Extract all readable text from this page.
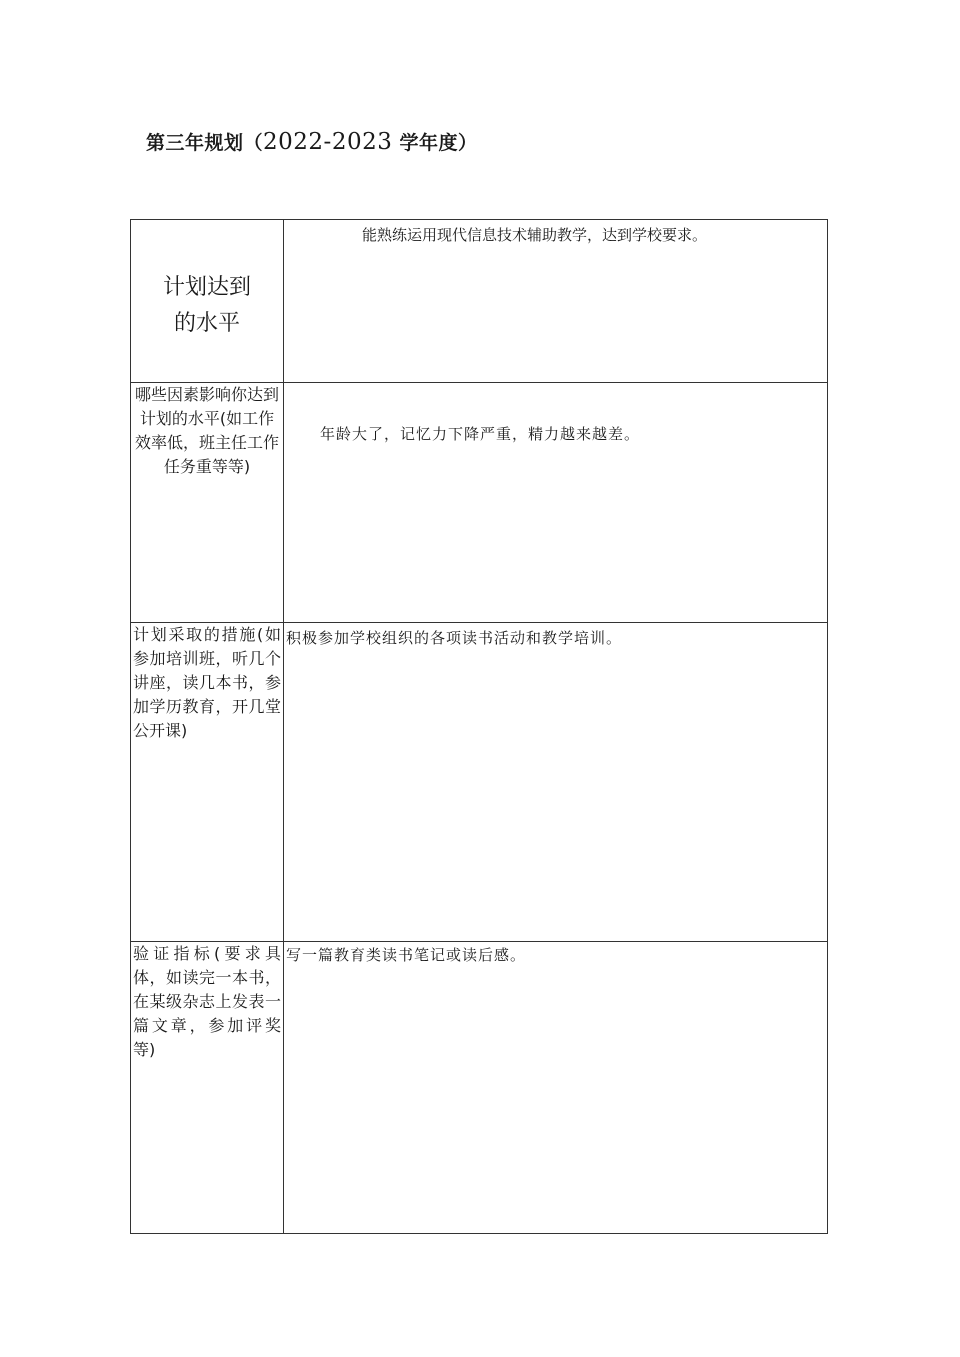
第三年规划（2022-2023 学年度）
计划达到的水平	能熟练运用现代信息技术辅助教学，达到学校要求。

哪些因素影响你达到计划的水平(如工作效率低，班主任工作任务重等等)	年龄大了，记忆力下降严重，精力越来越差。

计划采取的措施(如参加培训班，听几个讲座，读几本书，参加学历教育，开几堂公开课)	积极参加学校组织的各项读书活动和教学培训。

验证指标(要求具体，如读完一本书，在某级杂志上发表一篇文章，参加评奖等)	写一篇教育类读书笔记或读后感。
